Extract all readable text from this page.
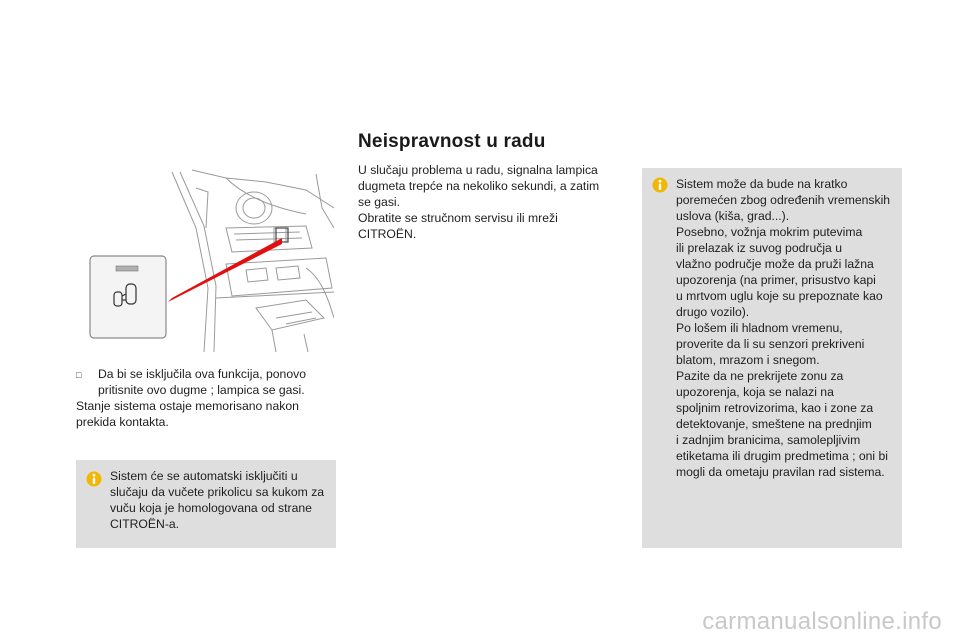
□	Da bi se isključila ova funkcija, ponovo
pritisnite ovo dugme ; lampica se gasi.
Stanje sistema ostaje memorisano nakon
prekida kontakta.
Sistem će se automatski isključiti u
slučaju da vučete prikolicu sa kukom za
vuču koja je homologovana od strane
CITROËN-a.
Neispravnost u radu
U slučaju problema u radu, signalna lampica
dugmeta trepće na nekoliko sekundi, a zatim
se gasi.
Obratite se stručnom servisu ili mreži
CITROËN.
Sistem može da bude na kratko
poremećen zbog određenih vremenskih
uslova (kiša, grad...).
Posebno, vožnja mokrim putevima
ili prelazak iz suvog područja u
vlažno područje može da pruži lažna
upozorenja (na primer, prisustvo kapi
u mrtvom uglu koje su prepoznate kao
drugo vozilo).
Po lošem ili hladnom vremenu,
proverite da li su senzori prekriveni
blatom, mrazom i snegom.
Pazite da ne prekrijete zonu za
upozorenja, koja se nalazi na
spoljnim retrovizorima, kao i zone za
detektovanje, smeštene na prednjim
i zadnjim branicima, samolepljivim
etiketama ili drugim predmetima ; oni bi
mogli da ometaju pravilan rad sistema.
carmanualsonline.info
